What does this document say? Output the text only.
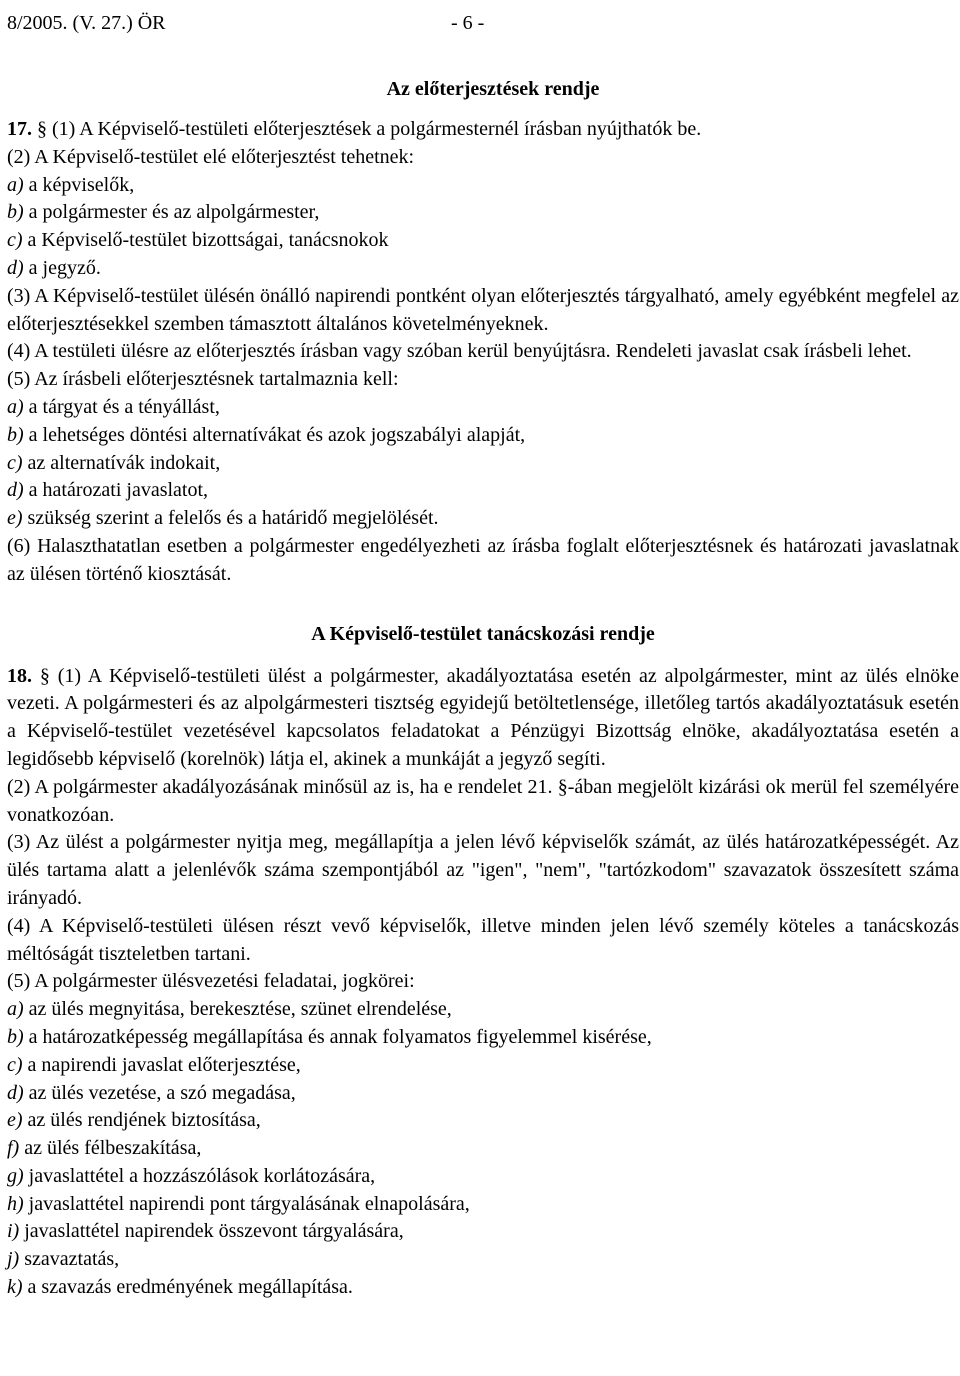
8/2005. (V. 27.) ÖR	- 6 -
Az előterjesztések rendje
17. § (1) A Képviselő-testületi előterjesztések a polgármesternél írásban nyújthatók be.
(2) A Képviselő-testület elé előterjesztést tehetnek:
a) a képviselők,
b) a polgármester és az alpolgármester,
c) a Képviselő-testület bizottságai, tanácsnokok
d) a jegyző.
(3) A Képviselő-testület ülésén önálló napirendi pontként olyan előterjesztés tárgyalható, amely egyébként megfelel az előterjesztésekkel szemben támasztott általános követelményeknek.
(4) A testületi ülésre az előterjesztés írásban vagy szóban kerül benyújtásra. Rendeleti javaslat csak írásbeli lehet.
(5) Az írásbeli előterjesztésnek tartalmaznia kell:
a) a tárgyat és a tényállást,
b) a lehetséges döntési alternatívákat és azok jogszabályi alapját,
c) az alternatívák indokait,
d) a határozati javaslatot,
e) szükség szerint a felelős és a határidő megjelölését.
(6) Halaszthatatlan esetben a polgármester engedélyezheti az írásba foglalt előterjesztésnek és határozati javaslatnak az ülésen történő kiosztását.
A Képviselő-testület tanácskozási rendje
18. § (1) A Képviselő-testületi ülést a polgármester, akadályoztatása esetén az alpolgármester, mint az ülés elnöke vezeti. A polgármesteri és az alpolgármesteri tisztség egyidejű betöltetlensége, illetőleg tartós akadályoztatásuk esetén a Képviselő-testület vezetésével kapcsolatos feladatokat a Pénzügyi Bizottság elnöke, akadályoztatása esetén a legidősebb képviselő (korelnök) látja el, akinek a munkáját a jegyző segíti.
(2) A polgármester akadályozásának minősül az is, ha e rendelet 21. §-ában megjelölt kizárási ok merül fel személyére vonatkozóan.
(3) Az ülést a polgármester nyitja meg, megállapítja a jelen lévő képviselők számát, az ülés határozatképességét. Az ülés tartama alatt a jelenlévők száma szempontjából az "igen", "nem", "tartózkodom" szavazatok összesített száma irányadó.
(4) A Képviselő-testületi ülésen részt vevő képviselők, illetve minden jelen lévő személy köteles a tanácskozás méltóságát tiszteletben tartani.
(5) A polgármester ülésvezetési feladatai, jogkörei:
a) az ülés megnyitása, berekesztése, szünet elrendelése,
b) a határozatképesség megállapítása és annak folyamatos figyelemmel kisérése,
c) a napirendi javaslat előterjesztése,
d) az ülés vezetése, a szó megadása,
e) az ülés rendjének biztosítása,
f) az ülés félbeszakítása,
g) javaslattétel a hozzászólások korlátozására,
h) javaslattétel napirendi pont tárgyalásának elnapolására,
i) javaslattétel napirendek összevont tárgyalására,
j) szavaztatás,
k) a szavazás eredményének megállapítása.
